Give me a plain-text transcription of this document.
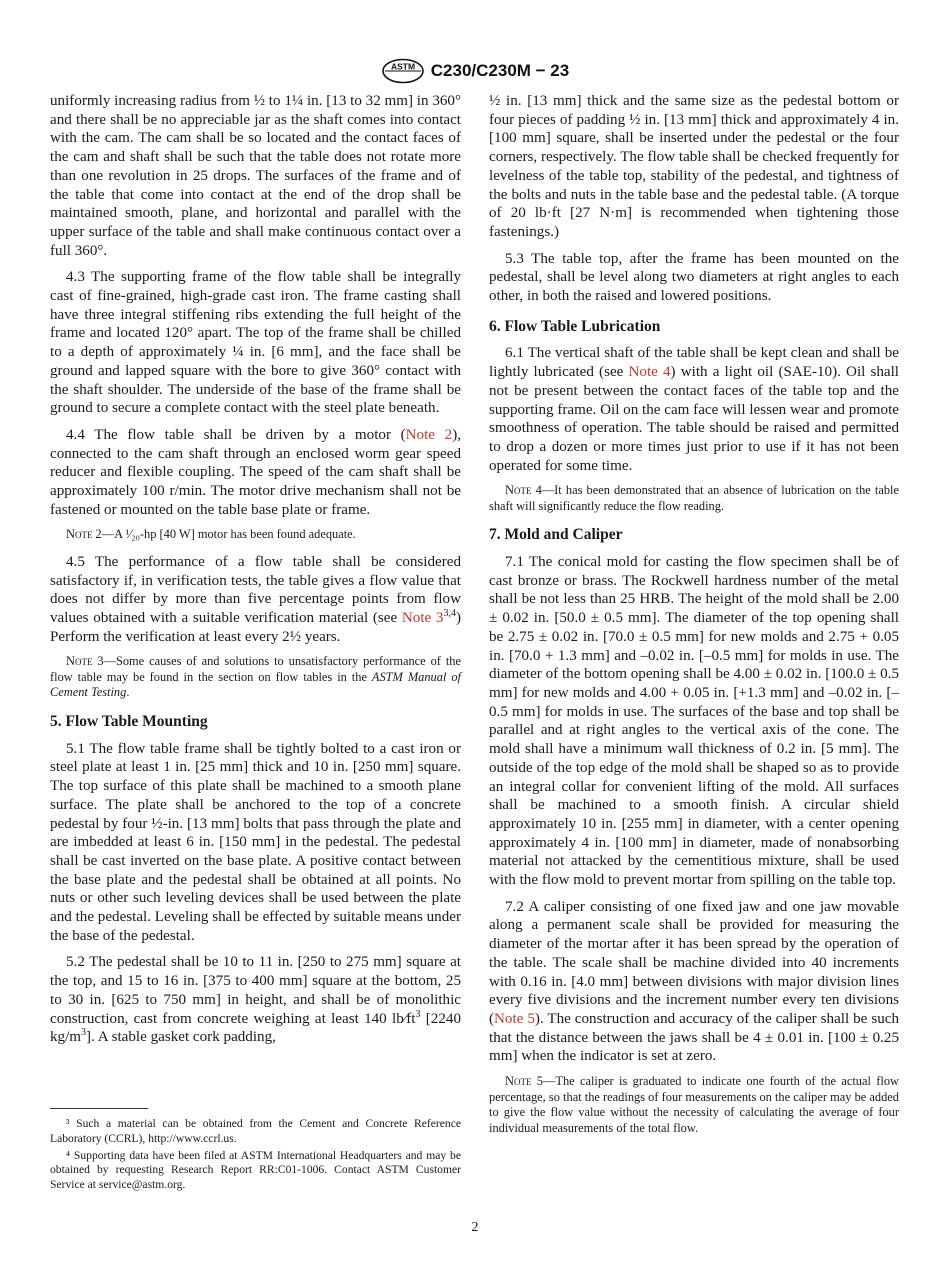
ASTM C230/C230M − 23

uniformly increasing radius from ½ to 1¼ in. [13 to 32 mm] in 360° and there shall be no appreciable jar as the shaft comes into contact with the cam. The cam shall be so located and the contact faces of the cam and shaft shall be such that the table does not rotate more than one revolution in 25 drops. The surfaces of the frame and of the table that come into contact at the end of the drop shall be maintained smooth, plane, and horizontal and parallel with the upper surface of the table and shall make continuous contact over a full 360°.

4.3 The supporting frame of the flow table shall be integrally cast of fine-grained, high-grade cast iron. The frame casting shall have three integral stiffening ribs extending the full height of the frame and located 120° apart. The top of the frame shall be chilled to a depth of approximately ¼ in. [6 mm], and the face shall be ground and lapped square with the bore to give 360° contact with the shaft shoulder. The underside of the base of the frame shall be ground to secure a complete contact with the steel plate beneath.

4.4 The flow table shall be driven by a motor (Note 2), connected to the cam shaft through an enclosed worm gear speed reducer and flexible coupling. The speed of the cam shaft shall be approximately 100 r/min. The motor drive mechanism shall not be fastened or mounted on the table base plate or frame.

Note 2—A ¹⁄₂₀-hp [40 W] motor has been found adequate.

4.5 The performance of a flow table shall be considered satisfactory if, in verification tests, the table gives a flow value that does not differ by more than five percentage points from flow values obtained with a suitable verification material (see Note 3$^{3,4}$) Perform the verification at least every 2½ years.

Note 3—Some causes of and solutions to unsatisfactory performance of the flow table may be found in the section on flow tables in the ASTM Manual of Cement Testing.
5. Flow Table Mounting

5.1 The flow table frame shall be tightly bolted to a cast iron or steel plate at least 1 in. [25 mm] thick and 10 in. [250 mm] square. The top surface of this plate shall be machined to a smooth plane surface. The plate shall be anchored to the top of a concrete pedestal by four ½-in. [13 mm] bolts that pass through the plate and are imbedded at least 6 in. [150 mm] in the pedestal. The pedestal shall be cast inverted on the base plate. A positive contact between the base plate and the pedestal shall be obtained at all points. No nuts or other such leveling devices shall be used between the plate and the pedestal. Leveling shall be effected by suitable means under the base of the pedestal.

5.2 The pedestal shall be 10 to 11 in. [250 to 275 mm] square at the top, and 15 to 16 in. [375 to 400 mm] square at the bottom, 25 to 30 in. [625 to 750 mm] in height, and shall be of monolithic construction, cast from concrete weighing at least 140 $lb⁄ft^3$ [2240 $kg/m^3$]. A stable gasket cork padding,

³ Such a material can be obtained from the Cement and Concrete Reference Laboratory (CCRL), http://www.ccrl.us.

⁴ Supporting data have been filed at ASTM International Headquarters and may be obtained by requesting Research Report RR:C01-1006. Contact ASTM Customer Service at service@astm.org.

½ in. [13 mm] thick and the same size as the pedestal bottom or four pieces of padding ½ in. [13 mm] thick and approximately 4 in. [100 mm] square, shall be inserted under the pedestal or the four corners, respectively. The flow table shall be checked frequently for levelness of the table top, stability of the pedestal, and tightness of the bolts and nuts in the table base and the pedestal table. (A torque of 20 lb·ft [27 N·m] is recommended when tightening those fastenings.)

5.3 The table top, after the frame has been mounted on the pedestal, shall be level along two diameters at right angles to each other, in both the raised and lowered positions.

6. Flow Table Lubrication

6.1 The vertical shaft of the table shall be kept clean and shall be lightly lubricated (see Note 4) with a light oil (SAE-10). Oil shall not be present between the contact faces of the table top and the supporting frame. Oil on the cam face will lessen wear and promote smoothness of operation. The table should be raised and permitted to drop a dozen or more times just prior to use if it has not been operated for some time.

Note 4—It has been demonstrated that an absence of lubrication on the table shaft will significantly reduce the flow reading.
7. Mold and Caliper

7.1 The conical mold for casting the flow specimen shall be of cast bronze or brass. The Rockwell hardness number of the metal shall be not less than 25 HRB. The height of the mold shall be 2.00 ± 0.02 in. [50.0 ± 0.5 mm]. The diameter of the top opening shall be 2.75 ± 0.02 in. [70.0 ± 0.5 mm] for new molds and 2.75 + 0.05 in. [70.0 + 1.3 mm] and –0.02 in. [–0.5 mm] for molds in use. The diameter of the bottom opening shall be 4.00 ± 0.02 in. [100.0 ± 0.5 mm] for new molds and 4.00 + 0.05 in. [+1.3 mm] and –0.02 in. [–0.5 mm] for molds in use. The surfaces of the base and top shall be parallel and at right angles to the vertical axis of the cone. The mold shall have a minimum wall thickness of 0.2 in. [5 mm]. The outside of the top edge of the mold shall be shaped so as to provide an integral collar for convenient lifting of the mold. All surfaces shall be machined to a smooth finish. A circular shield approximately 10 in. [255 mm] in diameter, with a center opening approximately 4 in. [100 mm] in diameter, made of nonabsorbing material not attacked by the cementitious mixture, shall be used with the flow mold to prevent mortar from spilling on the table top.

7.2 A caliper consisting of one fixed jaw and one jaw movable along a permanent scale shall be provided for measuring the diameter of the mortar after it has been spread by the operation of the table. The scale shall be machine divided into 40 increments with 0.16 in. [4.0 mm] between divisions with major division lines every five divisions and the increment number every ten divisions (Note 5). The construction and accuracy of the caliper shall be such that the distance between the jaws shall be 4 ± 0.01 in. [100 ± 0.25 mm] when the indicator is set at zero.

Note 5—The caliper is graduated to indicate one fourth of the actual flow percentage, so that the readings of four measurements on the caliper may be added to give the flow value without the necessity of calculating the average of four individual measurements of the total flow.
2
